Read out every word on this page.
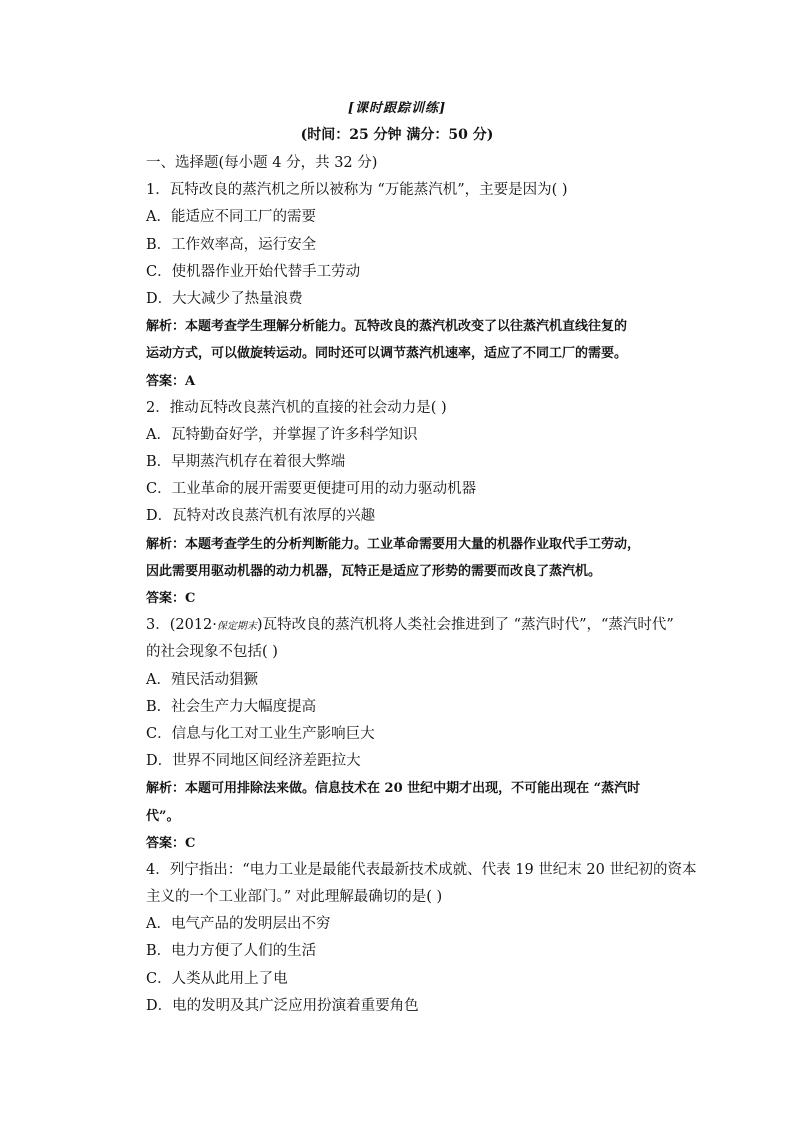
[课时跟踪训练]
(时间：25 分钟 满分：50 分)
一、选择题(每小题 4 分，共 32 分)
1．瓦特改良的蒸汽机之所以被称为 “万能蒸汽机”，主要是因为( )
A．能适应不同工厂的需要
B．工作效率高，运行安全
C．使机器作业开始代替手工劳动
D．大大减少了热量浪费
解析：本题考查学生理解分析能力。瓦特改良的蒸汽机改变了以往蒸汽机直线往复的
运动方式，可以做旋转运动。同时还可以调节蒸汽机速率，适应了不同工厂的需要。
答案：A
2．推动瓦特改良蒸汽机的直接的社会动力是( )
A．瓦特勤奋好学，并掌握了许多科学知识
B．早期蒸汽机存在着很大弊端
C．工业革命的展开需要更便捷可用的动力驱动机器
D．瓦特对改良蒸汽机有浓厚的兴趣
解析：本题考查学生的分析判断能力。工业革命需要用大量的机器作业取代手工劳动，
因此需要用驱动机器的动力机器，瓦特正是适应了形势的需要而改良了蒸汽机。
答案：C
3．(2012·保定期末)瓦特改良的蒸汽机将人类社会推进到了 “蒸汽时代”，“蒸汽时代”
的社会现象不包括( )
A．殖民活动猖獗
B．社会生产力大幅度提高
C．信息与化工对工业生产影响巨大
D．世界不同地区间经济差距拉大
解析：本题可用排除法来做。信息技术在 20 世纪中期才出现，不可能出现在 “蒸汽时
代”。
答案：C
4．列宁指出：“电力工业是最能代表最新技术成就、代表 19 世纪末 20 世纪初的资本
主义的一个工业部门。” 对此理解最确切的是( )
A．电气产品的发明层出不穷
B．电力方便了人们的生活
C．人类从此用上了电
D．电的发明及其广泛应用扮演着重要角色
